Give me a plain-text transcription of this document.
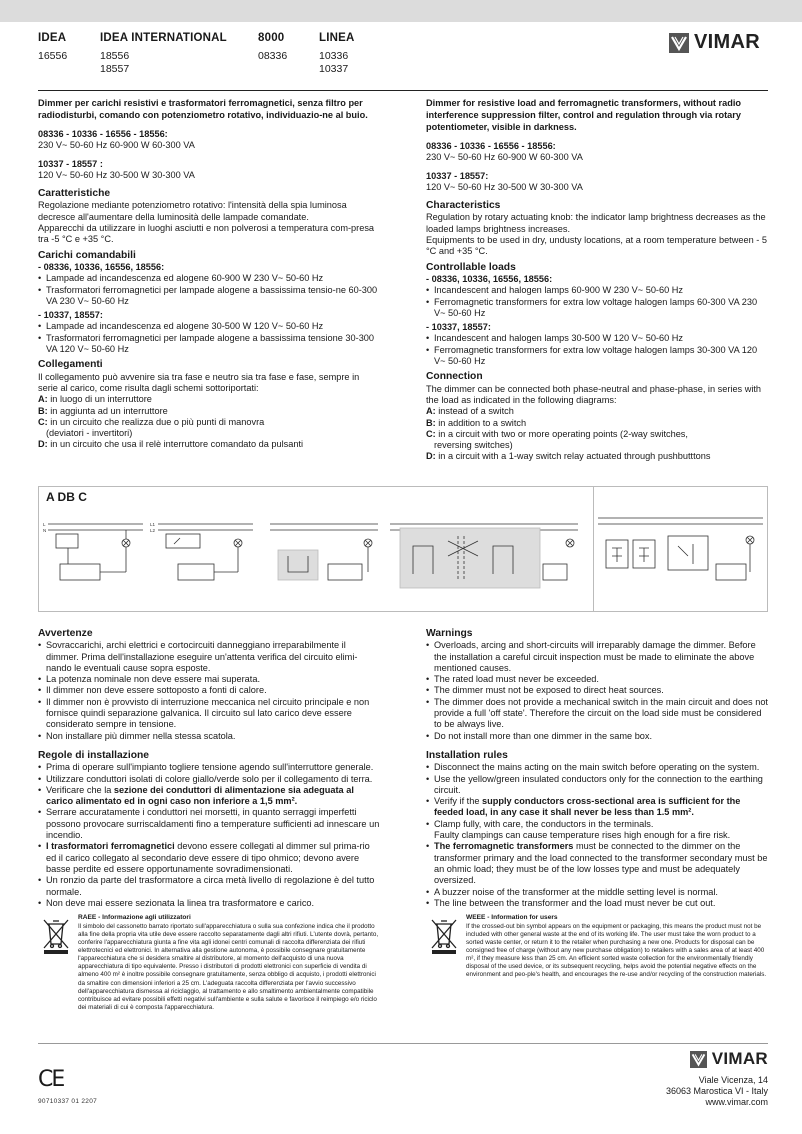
IDEA
16556
IDEA INTERNATIONAL
18556
18557
8000
08336
LINEA
10336
10337
VIMAR
Dimmer per carichi resistivi e trasformatori ferromagnetici, senza filtro per radiodisturbi, comando con potenziometro rotativo, individuazio-ne al buio.
08336 - 10336 - 16556 - 18556:
230 V~ 50-60 Hz 60-900 W 60-300 VA
10337 - 18557 :
120 V~ 50-60 Hz 30-500 W 30-300 VA
Caratteristiche
Regolazione mediante potenziometro rotativo: l'intensità della spia luminosa decresce all'aumentare della luminosità delle lampade comandate.
Apparecchi da utilizzare in luoghi asciutti e non polverosi a temperatura com-presa tra -5 °C e +35 °C.
Carichi comandabili
- 08336, 10336, 16556, 18556:
• Lampade ad incandescenza ed alogene 60-900 W 230 V~ 50-60 Hz
• Trasformatori ferromagnetici per lampade alogene a bassissima tensio-ne 60-300 VA 230 V~ 50-60 Hz
- 10337, 18557:
• Lampade ad incandescenza ed alogene 30-500 W 120 V~ 50-60 Hz
• Trasformatori ferromagnetici per lampade alogene a bassissima tensione 30-300 VA 120 V~ 50-60 Hz
Collegamenti
Il collegamento può avvenire sia tra fase e neutro sia tra fase e fase, sempre in serie al carico, come risulta dagli schemi sottoriportati:
A: in luogo di un interruttore
B: in aggiunta ad un interruttore
C: in un circuito che realizza due o più punti di manovra
(deviatori - invertitori)
D: in un circuito che usa il relè interruttore comandato da pulsanti
Dimmer for resistive load and ferromagnetic transformers, without radio interference suppression filter, control and regulation through via rotary potentiometer, visible in darkness.
08336 - 10336 - 16556 - 18556:
230 V~ 50-60 Hz 60-900 W 60-300 VA
10337 - 18557:
120 V~ 50-60 Hz 30-500 W 30-300 VA
Characteristics
Regulation by rotary actuating knob: the indicator lamp brightness decreases as the loaded lamps brightness increases.
Equipments to be used in dry, undusty locations, at a room temperature between - 5 °C and +35 °C.
Controllable loads
- 08336, 10336, 16556, 18556:
• Incandescent and halogen lamps 60-900 W 230 V~ 50-60 Hz
• Ferromagnetic transformers for extra low voltage halogen lamps 60-300 VA 230 V~ 50-60 Hz
- 10337, 18557:
• Incandescent and halogen lamps 30-500 W 120 V~ 50-60 Hz
• Ferromagnetic transformers for extra low voltage halogen lamps 30-300 VA 120 V~ 50-60 Hz
Connection
The dimmer can be connected both phase-neutral and phase-phase, in series with the load as indicated in the following diagrams:
A: instead of a switch
B: in addition to a switch
C: in a circuit with two or more operating points (2-way switches,
reversing switches)
D: in a circuit with a 1-way switch relay actuated through pushbutttons
A DB C
L
N
L1
L2
Avvertenze
• Sovraccarichi, archi elettrici e cortocircuiti danneggiano irreparabilmente il dimmer. Prima dell'installazione eseguire un'attenta verifica del circuito elimi-nando le eventuali cause sopra esposte.
• La potenza nominale non deve essere mai superata.
• Il dimmer non deve essere sottoposto a fonti di calore.
• Il dimmer non è provvisto di interruzione meccanica nel circuito principale e non fornisce quindi separazione galvanica. Il circuito sul lato carico deve essere considerato sempre in tensione.
• Non installare più dimmer nella stessa scatola.
Regole di installazione
• Prima di operare sull'impianto togliere tensione agendo sull'interruttore generale.
• Utilizzare conduttori isolati di colore giallo/verde solo per il collegamento di terra.
• Verificare che la sezione dei conduttori di alimentazione sia adeguata al carico alimentato ed in ogni caso non inferiore a 1,5 mm².
• Serrare accuratamente i conduttori nei morsetti, in quanto serraggi imperfetti possono provocare surriscaldamenti fino a temperature sufficienti ad innescare un incendio.
• I trasformatori ferromagnetici devono essere collegati al dimmer sul prima-rio ed il carico collegato al secondario deve essere di tipo ohmico; devono avere basse perdite ed essere opportunamente sovradimensionati.
• Un ronzio da parte del trasformatore a circa metà livello di regolazione è del tutto normale.
• Non deve mai essere sezionata la linea tra trasformatore e carico.
RAEE - Informazione agli utilizzatori
Il simbolo del cassonetto barrato riportato sull'apparecchiatura o sulla sua confezione indica che il prodotto alla fine della propria vita utile deve essere raccolto separatamente dagli altri rifiuti. L'utente dovrà, pertanto, conferire l'apparecchiatura giunta a fine vita agli idonei centri comunali di raccolta differenziata dei rifiuti elettrotecnici ed elettronici. In alternativa alla gestione autonoma, è possibile consegnare gratuitamente l'apparecchiatura che si desidera smaltire al distributore, al momento dell'acquisto di una nuova apparecchiatura di tipo equivalente. Presso i distributori di prodotti elettronici con superficie di vendita di almeno 400 m² è inoltre possibile consegnare gratuitamente, senza obbligo di acquisto, i prodotti elettronici da smaltire con dimensioni inferiori a 25 cm. L'adeguata raccolta differenziata per l'avvio successivo dell'apparecchiatura dismessa al riciclaggio, al trattamento e allo smaltimento ambientalmente compatibile contribuisce ad evitare possibili effetti negativi sull'ambiente e sulla salute e favorisce il reimpiego e/o riciclo dei materiali di cui è composta l'apparecchiatura.
Warnings
• Overloads, arcing and short-circuits will irreparably damage the dimmer. Before the installation a careful circuit inspection must be made to eliminate the above mentioned causes.
• The rated load must never be exceeded.
• The dimmer must not be exposed to direct heat sources.
• The dimmer does not provide a mechanical switch in the main circuit and does not provide a full 'off state'. Therefore the circuit on the load side must be considered to be always live.
• Do not install more than one dimmer in the same box.
Installation rules
• Disconnect the mains acting on the main switch before operating on the system.
• Use the yellow/green insulated conductors only for the connection to the earthing circuit.
• Verify if the supply conductors cross-sectional area is sufficient for the feeded load, in any case it shall never be less than 1.5 mm².
• Clamp fully, with care, the conductors in the terminals.
Faulty clampings can cause temperature rises high enough for a fire risk.
• The ferromagnetic transformers must be connected to the dimmer on the transformer primary and the load connected to the transformer secondary must be an ohmic load; they must be of the low losses type and must be adequately oversized.
• A buzzer noise of the transformer at the middle setting level is normal.
• The line between the transformer and the load must never be cut out.
WEEE - Information for users
If the crossed-out bin symbol appears on the equipment or packaging, this means the product must not be included with other general waste at the end of its working life. The user must take the worn product to a sorted waste center, or return it to the retailer when purchasing a new one. Products for disposal can be consigned free of charge (without any new purchase obligation) to retailers with a sales area of at least 400 m², if they measure less than 25 cm. An efficient sorted waste collection for the environmentally friendly disposal of the used device, or its subsequent recycling, helps avoid the potential negative effects on the environment and peo-ple's health, and encourages the re-use and/or recycling of the construction materials.
CE
90710337 01 2207
VIMAR
Viale Vicenza, 14
36063 Marostica VI - Italy
www.vimar.com
